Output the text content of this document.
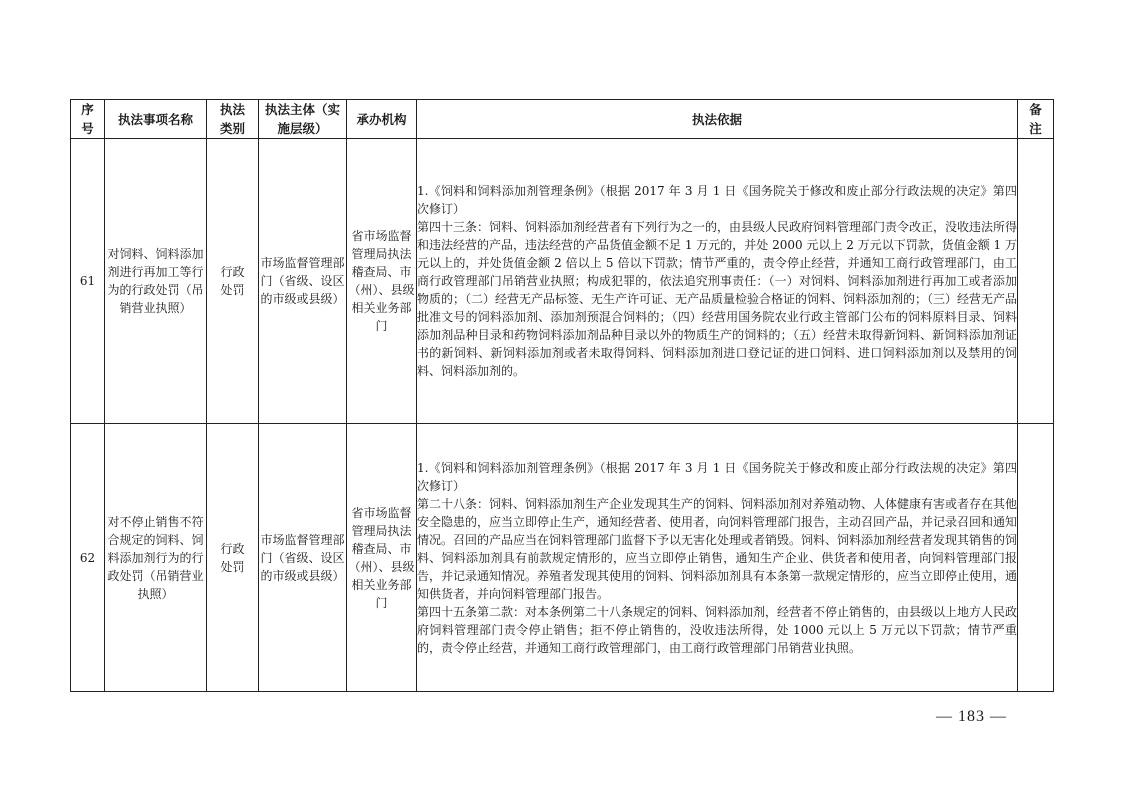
序号	执法事项名称	执法类别	执法主体（实施层级）	承办机构	执法依据	备注
61	对饲料、饲料添加剂进行再加工等行为的行政处罚（吊销营业执照）	行政处罚	市场监督管理部门（省级、设区的市级或县级）	省市场监督管理局执法稽查局、市（州）、县级相关业务部门	1.《饲料和饲料添加剂管理条例》（根据 2017 年 3 月 1 日《国务院关于修改和废止部分行政法规的决定》第四次修订）

第四十三条：饲料、饲料添加剂经营者有下列行为之一的，由县级人民政府饲料管理部门责令改正，没收违法所得和违法经营的产品，违法经营的产品货值金额不足 1 万元的，并处 2000 元以上 2 万元以下罚款，货值金额 1 万元以上的，并处货值金额 2 倍以上 5 倍以下罚款；情节严重的，责令停止经营，并通知工商行政管理部门，由工商行政管理部门吊销营业执照；构成犯罪的，依法追究刑事责任：（一）对饲料、饲料添加剂进行再加工或者添加物质的；（二）经营无产品标签、无生产许可证、无产品质量检验合格证的饲料、饲料添加剂的；（三）经营无产品批准文号的饲料添加剂、添加剂预混合饲料的；（四）经营用国务院农业行政主管部门公布的饲料原料目录、饲料添加剂品种目录和药物饲料添加剂品种目录以外的物质生产的饲料的；（五）经营未取得新饲料、新饲料添加剂证书的新饲料、新饲料添加剂或者未取得饲料、饲料添加剂进口登记证的进口饲料、进口饲料添加剂以及禁用的饲料、饲料添加剂的。	

62	对不停止销售不符合规定的饲料、饲料添加剂行为的行政处罚（吊销营业执照）	行政处罚	市场监督管理部门（省级、设区的市级或县级）	省市场监督管理局执法稽查局、市（州）、县级相关业务部门	1.《饲料和饲料添加剂管理条例》（根据 2017 年 3 月 1 日《国务院关于修改和废止部分行政法规的决定》第四次修订）

第二十八条：饲料、饲料添加剂生产企业发现其生产的饲料、饲料添加剂对养殖动物、人体健康有害或者存在其他安全隐患的，应当立即停止生产，通知经营者、使用者，向饲料管理部门报告，主动召回产品，并记录召回和通知情况。召回的产品应当在饲料管理部门监督下予以无害化处理或者销毁。饲料、饲料添加剂经营者发现其销售的饲料、饲料添加剂具有前款规定情形的，应当立即停止销售，通知生产企业、供货者和使用者，向饲料管理部门报告，并记录通知情况。养殖者发现其使用的饲料、饲料添加剂具有本条第一款规定情形的，应当立即停止使用，通知供货者，并向饲料管理部门报告。

第四十五条第二款：对本条例第二十八条规定的饲料、饲料添加剂，经营者不停止销售的，由县级以上地方人民政府饲料管理部门责令停止销售；拒不停止销售的，没收违法所得，处 1000 元以上 5 万元以下罚款；情节严重的，责令停止经营，并通知工商行政管理部门，由工商行政管理部门吊销营业执照。	

— 183 —
